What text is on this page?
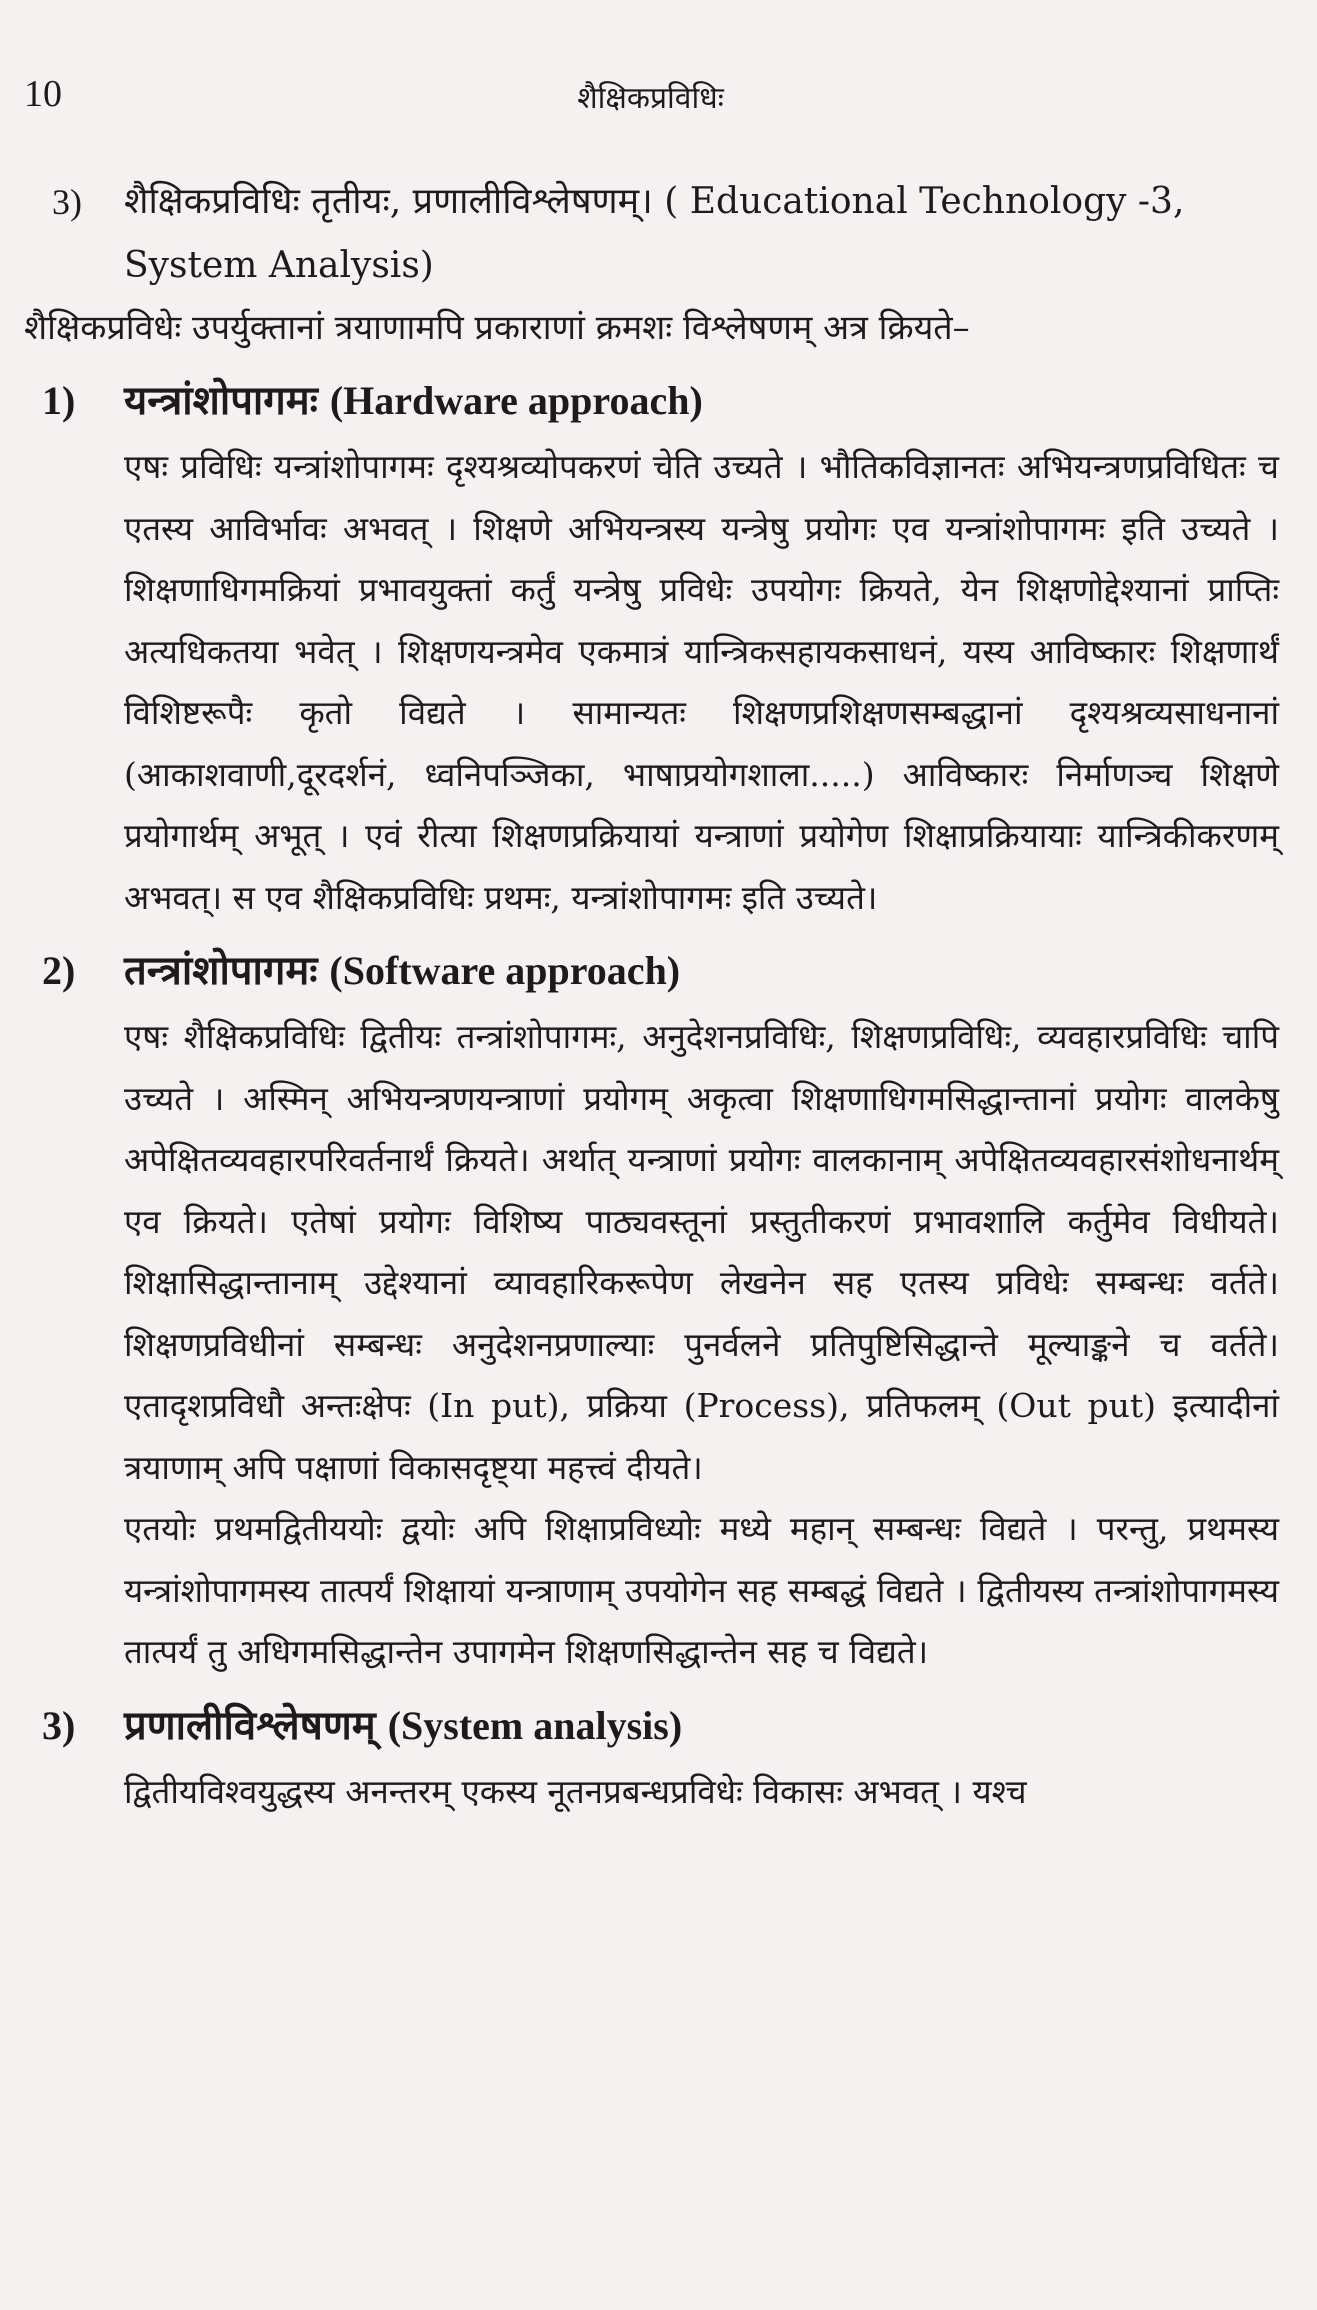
10	शैक्षिकप्रविधिः
3)	शैक्षिकप्रविधिः तृतीयः, प्रणालीविश्लेषणम्। ( Educational Technology -3, System Analysis)
शैक्षिकप्रविधेः उपर्युक्तानां त्रयाणामपि प्रकाराणां क्रमशः विश्लेषणम् अत्र क्रियते–
1)	यन्त्रांशोपागमः (Hardware approach)

एषः प्रविधिः यन्त्रांशोपागमः दृश्यश्रव्योपकरणं चेति उच्यते । भौतिकविज्ञानतः अभियन्त्रणप्रविधितः च एतस्य आविर्भावः अभवत् । शिक्षणे अभियन्त्रस्य यन्त्रेषु प्रयोगः एव यन्त्रांशोपागमः इति उच्यते । शिक्षणाधिगमक्रियां प्रभावयुक्तां कर्तुं यन्त्रेषु प्रविधेः उपयोगः क्रियते, येन शिक्षणोद्देश्यानां प्राप्तिः अत्यधिकतया भवेत् । शिक्षणयन्त्रमेव एकमात्रं यान्त्रिकसहायकसाधनं, यस्य आविष्कारः शिक्षणार्थं विशिष्टरूपैः कृतो विद्यते । सामान्यतः शिक्षणप्रशिक्षणसम्बद्धानां दृश्यश्रव्यसाधनानां (आकाशवाणी,दूरदर्शनं, ध्वनिपञ्जिका, भाषाप्रयोगशाला.....) आविष्कारः निर्माणञ्च शिक्षणे प्रयोगार्थम् अभूत् । एवं रीत्या शिक्षणप्रक्रियायां यन्त्राणां प्रयोगेण शिक्षाप्रक्रियायाः यान्त्रिकीकरणम् अभवत्। स एव शैक्षिकप्रविधिः प्रथमः, यन्त्रांशोपागमः इति उच्यते।

2)	तन्त्रांशोपागमः (Software approach)

एषः शैक्षिकप्रविधिः द्वितीयः तन्त्रांशोपागमः, अनुदेशनप्रविधिः, शिक्षणप्रविधिः, व्यवहारप्रविधिः चापि उच्यते । अस्मिन् अभियन्त्रणयन्त्राणां प्रयोगम् अकृत्वा शिक्षणाधिगमसिद्धान्तानां प्रयोगः वालकेषु अपेक्षितव्यवहारपरिवर्तनार्थं क्रियते। अर्थात् यन्त्राणां प्रयोगः वालकानाम् अपेक्षितव्यवहारसंशोधनार्थम् एव क्रियते। एतेषां प्रयोगः विशिष्य पाठ्यवस्तूनां प्रस्तुतीकरणं प्रभावशालि कर्तुमेव विधीयते। शिक्षासिद्धान्तानाम् उद्देश्यानां व्यावहारिकरूपेण लेखनेन सह एतस्य प्रविधेः सम्बन्धः वर्तते। शिक्षणप्रविधीनां सम्बन्धः अनुदेशनप्रणाल्याः पुनर्वलने प्रतिपुष्टिसिद्धान्ते मूल्याङ्कने च वर्तते। एतादृशप्रविधौ अन्तःक्षेपः (In put), प्रक्रिया (Process), प्रतिफलम् (Out put) इत्यादीनां त्रयाणाम् अपि पक्षाणां विकासदृष्ट्या महत्त्वं दीयते।

एतयोः प्रथमद्वितीययोः द्वयोः अपि शिक्षाप्रविध्योः मध्ये महान् सम्बन्धः विद्यते । परन्तु, प्रथमस्य यन्त्रांशोपागमस्य तात्पर्यं शिक्षायां यन्त्राणाम् उपयोगेन सह सम्बद्धं विद्यते । द्वितीयस्य तन्त्रांशोपागमस्य तात्पर्यं तु अधिगमसिद्धान्तेन उपागमेन शिक्षणसिद्धान्तेन सह च विद्यते।

3)	प्रणालीविश्लेषणम् (System analysis)

द्वितीयविश्वयुद्धस्य अनन्तरम् एकस्य नूतनप्रबन्धप्रविधेः विकासः अभवत् । यश्च
